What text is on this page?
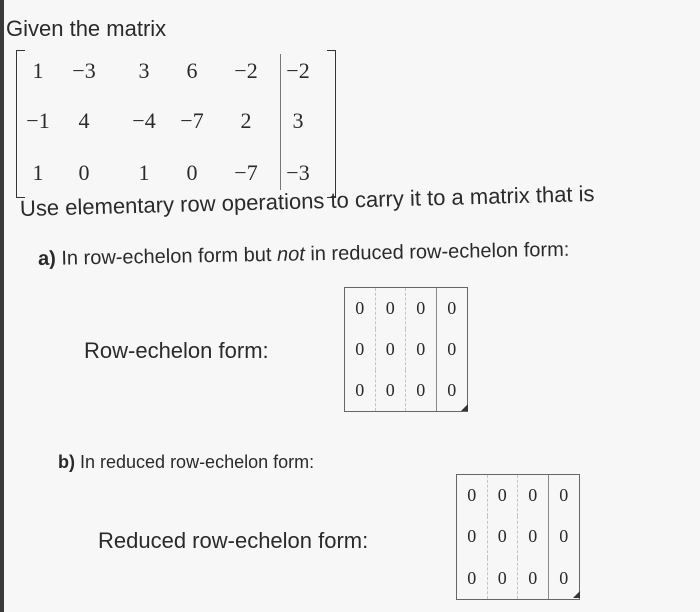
Given the matrix
1	−3	3	6	−2	−2
−1	4	−4	−7	2	3
1	0	1	0	−7	−3
Use elementary row operations to carry it to a matrix that is
a) In row-echelon form but not in reduced row-echelon form:
Row-echelon form:
0	0	0	0
0	0	0	0
0	0	0	0
b) In reduced row-echelon form:
Reduced row-echelon form:
0	0	0	0
0	0	0	0
0	0	0	0
